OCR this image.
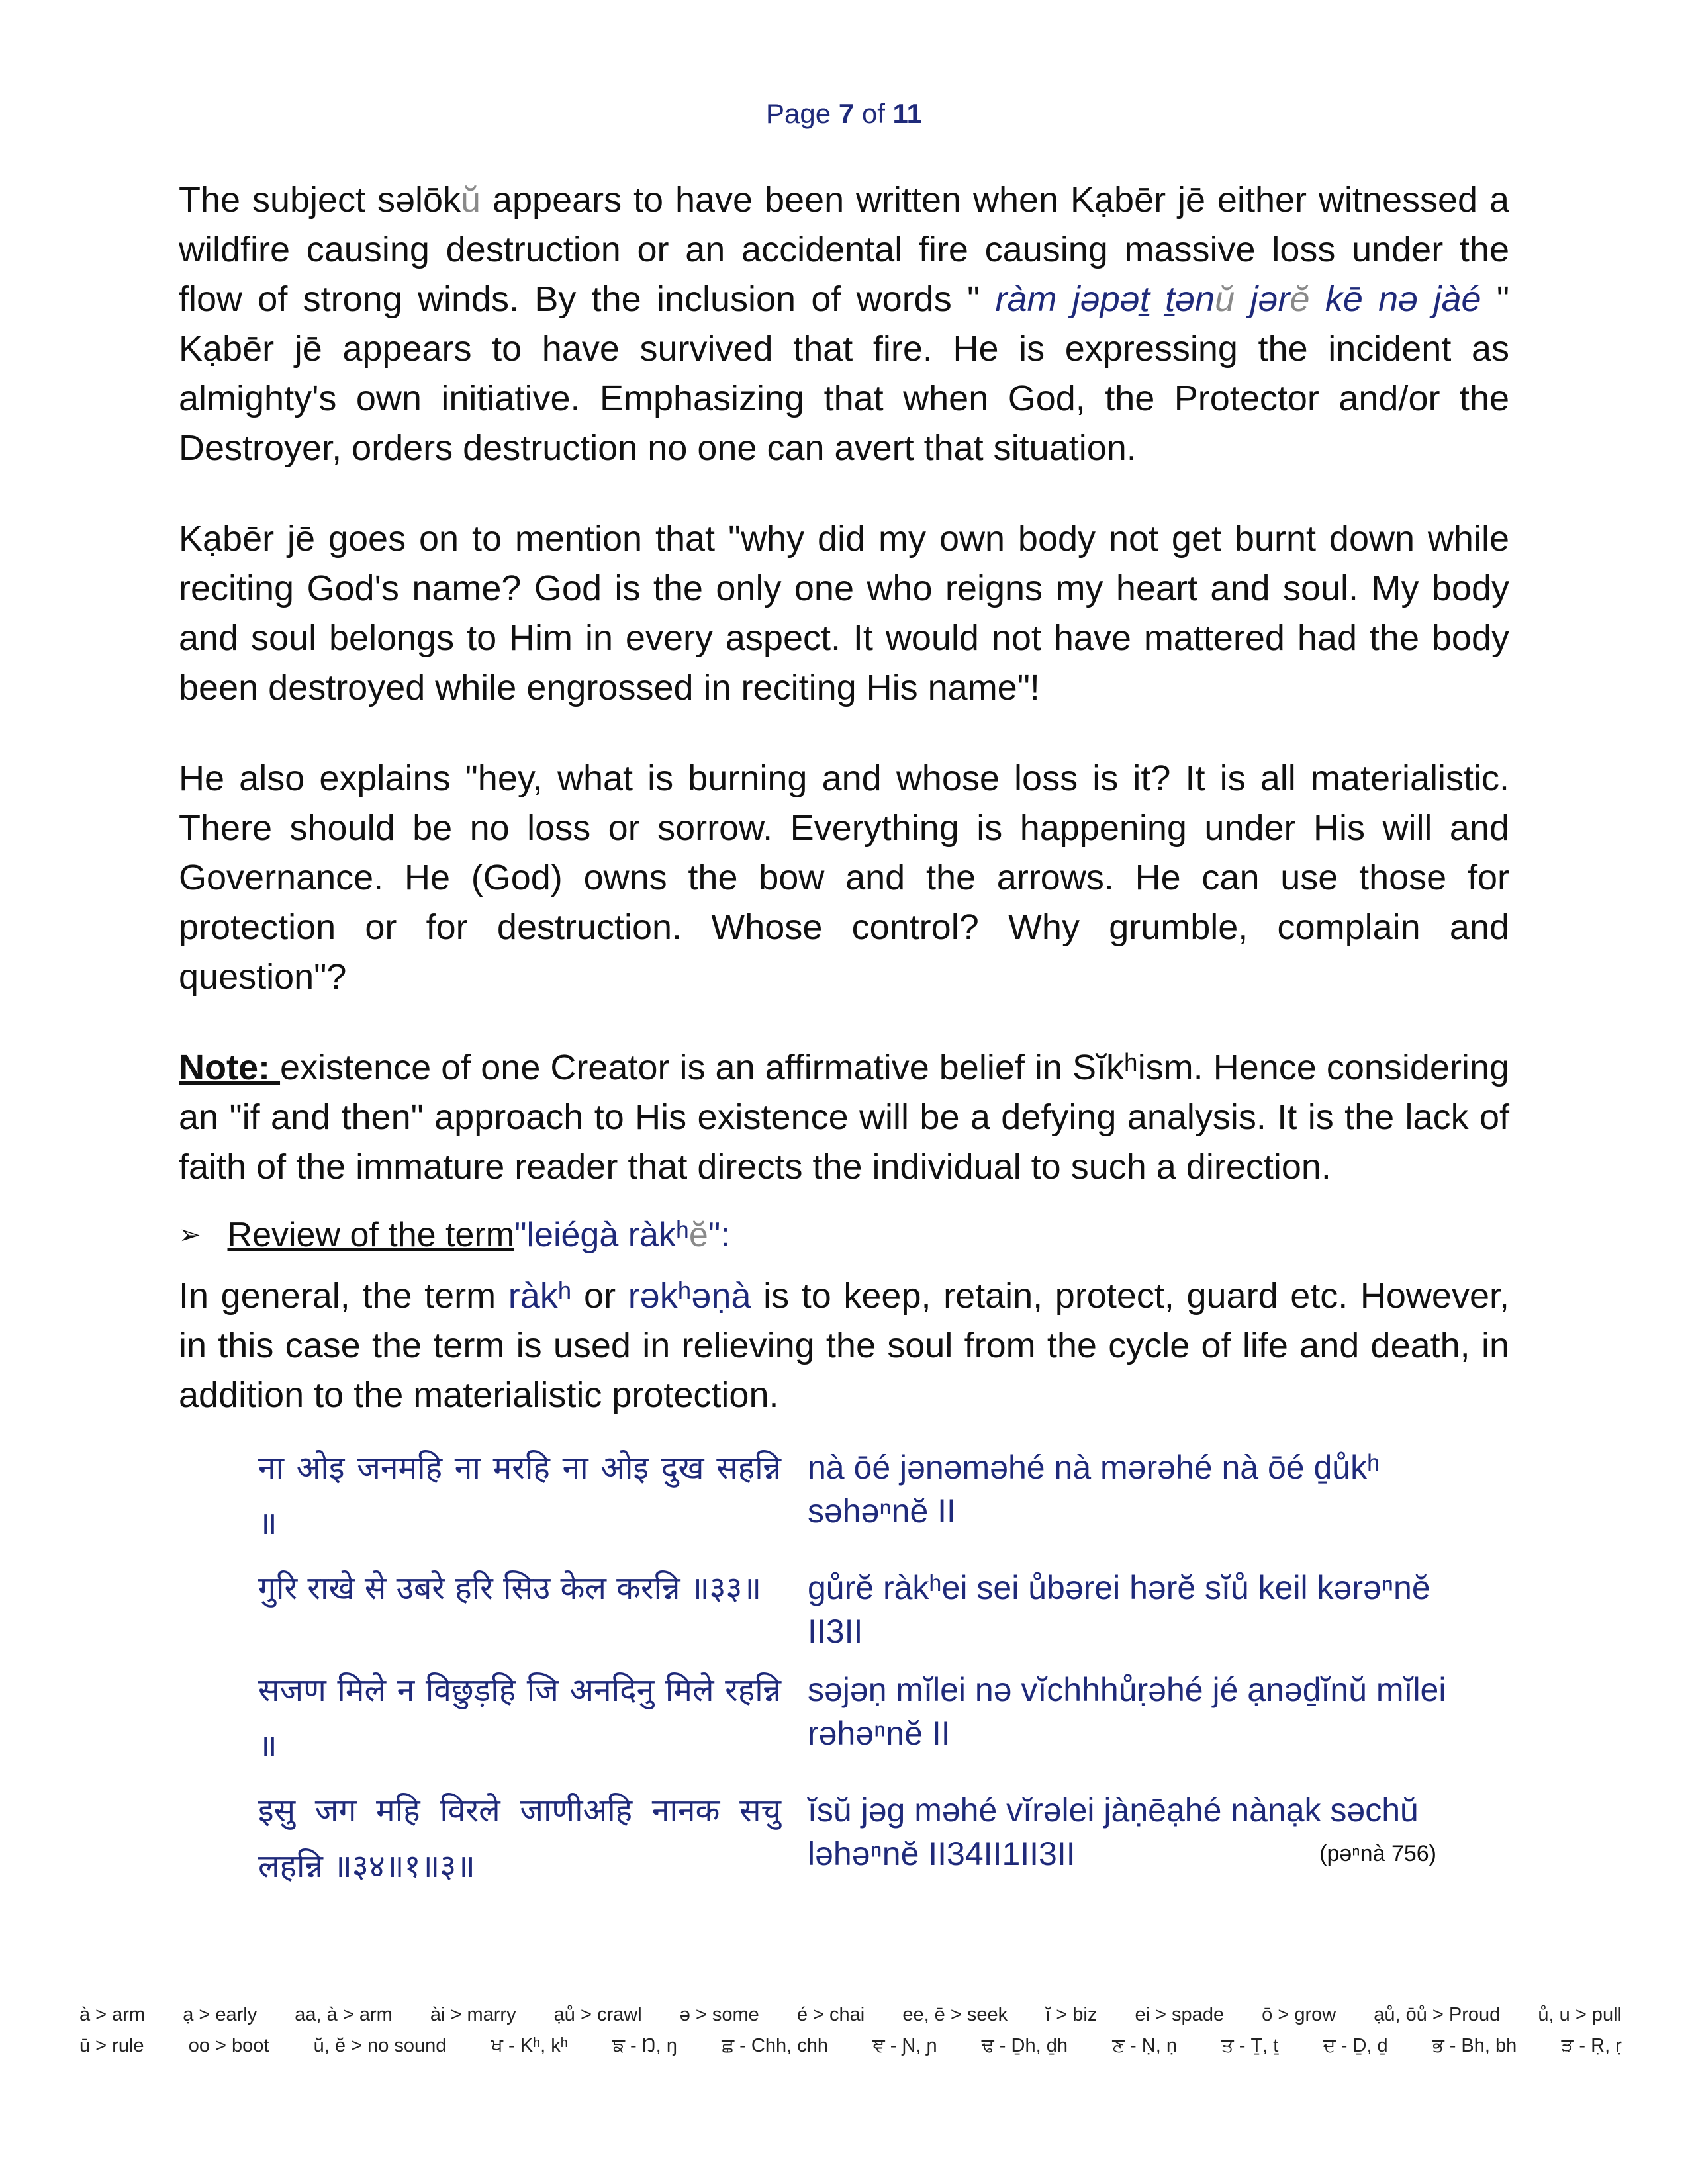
Page 7 of 11

The subject səlōkŭ appears to have been written when Kạbēr jē either witnessed a wildfire causing destruction or an accidental fire causing massive loss under the flow of strong winds. By the inclusion of words " ràm jəpəṯ ṯənŭ jərĕ kē nə jàé " Kạbēr jē appears to have survived that fire. He is expressing the incident as almighty's own initiative. Emphasizing that when God, the Protector and/or the Destroyer, orders destruction no one can avert that situation.

Kạbēr jē goes on to mention that "why did my own body not get burnt down while reciting God's name? God is the only one who reigns my heart and soul. My body and soul belongs to Him in every aspect. It would not have mattered had the body been destroyed while engrossed in reciting His name"!

He also explains "hey, what is burning and whose loss is it? It is all materialistic. There should be no loss or sorrow. Everything is happening under His will and Governance. He (God) owns the bow and the arrows. He can use those for protection or for destruction. Whose control? Why grumble, complain and question"?

Note: existence of one Creator is an affirmative belief in Sĭkʰism. Hence considering an "if and then" approach to His existence will be a defying analysis. It is the lack of faith of the immature reader that directs the individual to such a direction.

➢ Review of the term "leiégà ràkʰ ĕ ":

In general, the term ràkʰ or rəkʰəṇà is to keep, retain, protect, guard etc. However, in this case the term is used in relieving the soul from the cycle of life and death, in addition to the materialistic protection.

ना ओइ जनमहि ना मरहि ना ओइ दुख सहन्नि ॥	nà ōé jənəməhé nà mərəhé nà ōé ḏůkʰ səhəⁿnĕ II
गुरि राखे से उबरे हरि सिउ केल करन्नि ॥३३॥	gůrĕ ràkʰei sei ůbərei hərĕ sĭů keil kərəⁿnĕ II3II
सजण मिले न विछुड़हि जि अनदिनु मिले रहन्नि ॥	səjəṇ mĭlei nə vĭchhhůṛəhé jé ạnəḏĭnŭ mĭlei rəhəⁿnĕ II
इसु जग महि विरले जाणीअहि नानक सचु लहन्नि ॥३४॥१॥३॥	ĭsŭ jəg məhé vĭrəlei jàṇēạhé nànạk səchŭ ləhəⁿnĕ II34II1II3II (pəⁿnà 756)
à > arm ạ > early aa, à > arm ài > marry ạů > crawl ə > some é > chai ee, ē > seek ĭ > biz ei > spade ō > grow ạů, ōů > Proud ů, u > pull
ū > rule oo > boot ŭ, ĕ > no sound ਖ - Kʰ, kʰ ਙ - Ŋ, ŋ ਛ - Chh, chh ਞ - Ɲ, ɲ ਢ - Ḏh, ḏh ਣ - Ṇ, ṇ ਤ - Ṯ, ṯ ਦ - Ḏ, ḏ ਭ - Bh, bh ੜ - Ṛ, ṛ
